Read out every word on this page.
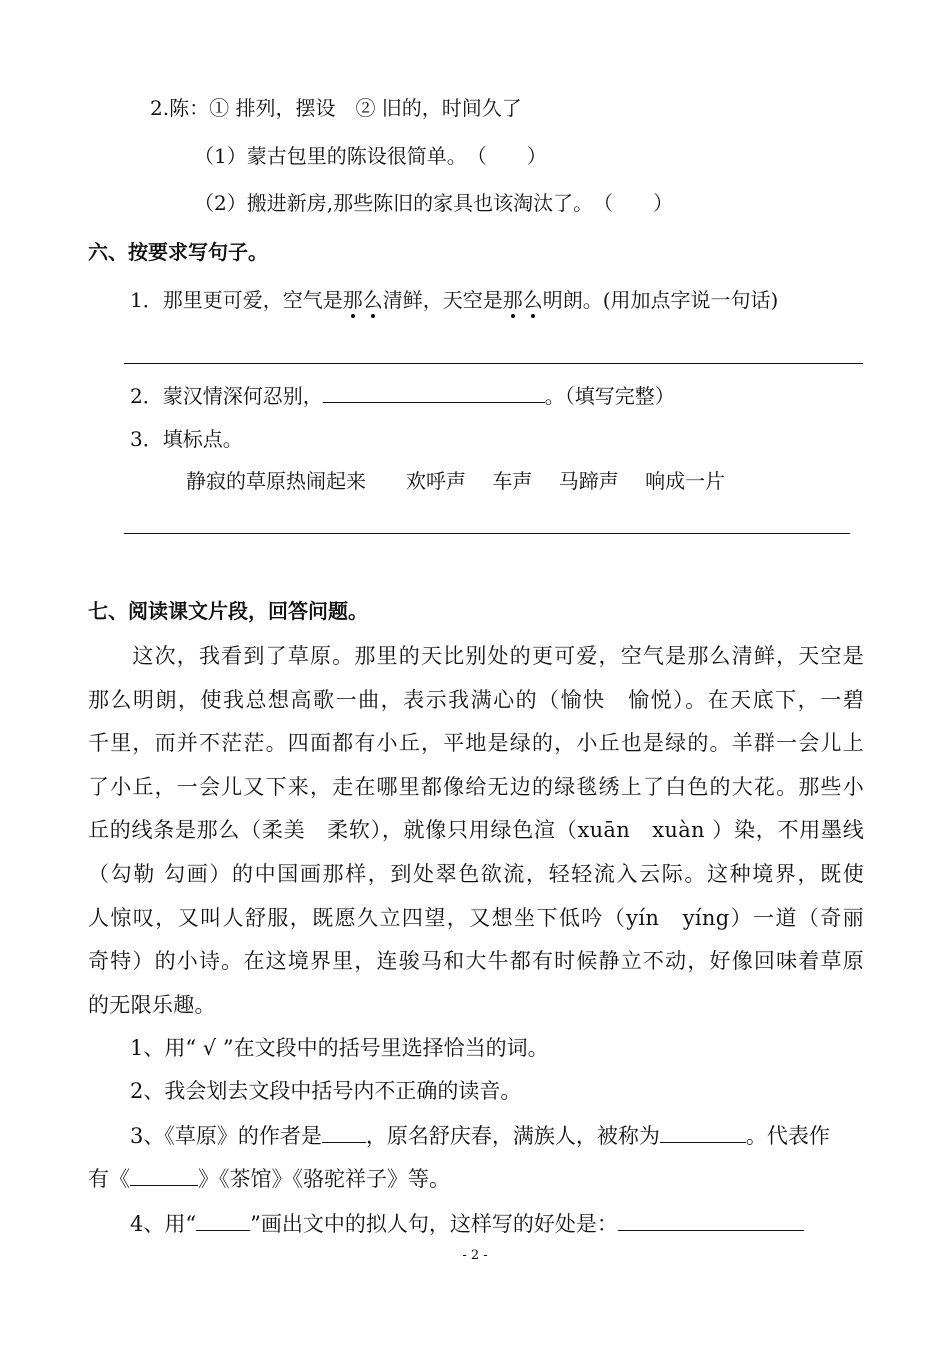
2.陈：① 排列，摆设　② 旧的，时间久了
（1）蒙古包里的陈设很简单。　（　　）
（2）搬进新房,那些陈旧的家具也该淘汰了。　（　　）
六、按要求写句子。
1．那里更可爱，空气是那么清鲜，天空是那么明朗。(用加点字说一句话)
2．蒙汉情深何忍别，	。（填写完整）
3．填标点。
静寂的草原热闹起来　　欢呼声　 车声　 马蹄声　 响成一片
七、阅读课文片段，回答问题。
　　这次，我看到了草原。那里的天比别处的更可爱，空气是那么清鲜，天空是
那么明朗，使我总想高歌一曲，表示我满心的（愉快　愉悦）。在天底下，一碧
千里，而并不茫茫。四面都有小丘，平地是绿的，小丘也是绿的。羊群一会儿上
了小丘，一会儿又下来，走在哪里都像给无边的绿毯绣上了白色的大花。那些小
丘的线条是那么（柔美　柔软），就像只用绿色渲（xuān　xuàn ）染，不用墨线
（勾勒 勾画）的中国画那样，到处翠色欲流，轻轻流入云际。这种境界，既使
人惊叹，又叫人舒服，既愿久立四望，又想坐下低吟（yín　yíng）一道（奇丽
奇特）的小诗。在这境界里，连骏马和大牛都有时候静立不动，好像回味着草原
的无限乐趣。
　　1、用“ √ ”在文段中的括号里选择恰当的词。
　　2、我会划去文段中括号内不正确的读音。
　　3、《草原》的作者是 ，原名舒庆春，满族人，被称为	。代表作
有《	》《茶馆》《骆驼祥子》等。
　　4、用“	”画出文中的拟人句，这样写的好处是：
- 2 -
